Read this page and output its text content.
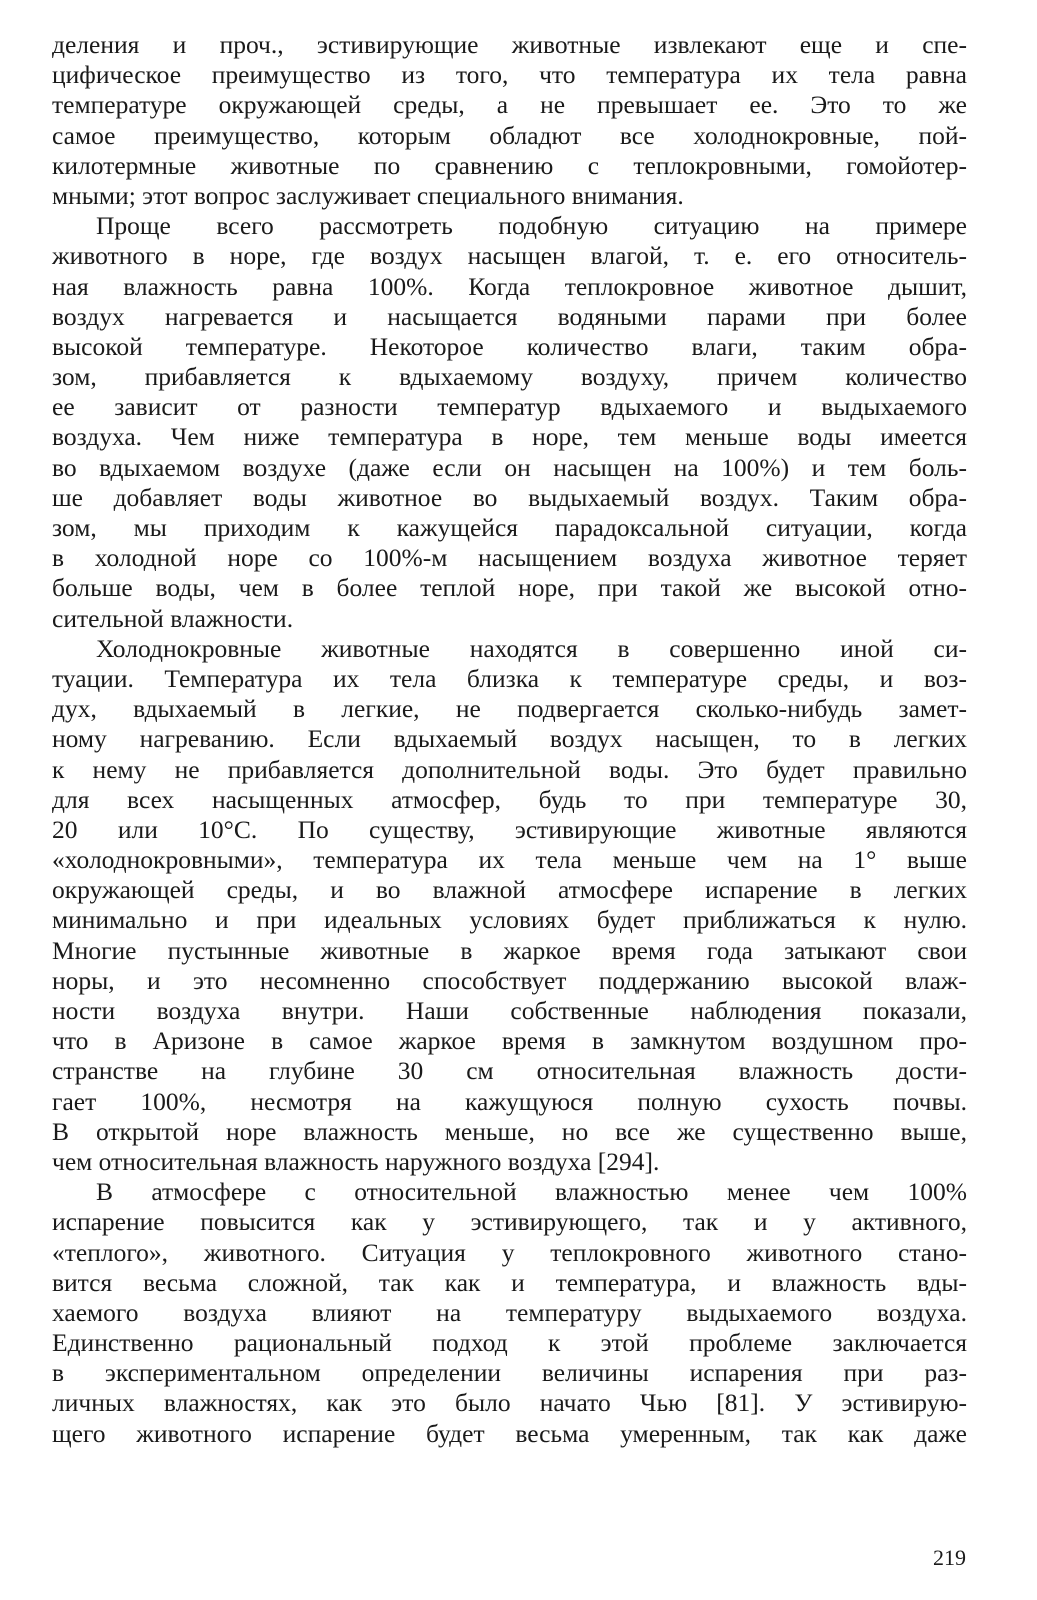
деления и проч., эстивирующие животные извлекают еще и спе-
цифическое преимущество из того, что температура их тела равна
температуре окружающей среды, а не превышает ее. Это то же
самое преимущество, которым обладют все холоднокровные, пой-
килотермные животные по сравнению с теплокровными, гомойотер-
мными; этот вопрос заслуживает специального внимания.
Проще всего рассмотреть подобную ситуацию на примере
животного в норе, где воздух насыщен влагой, т. е. его относитель-
ная влажность равна 100%. Когда теплокровное животное дышит,
воздух нагревается и насыщается водяными парами при более
высокой температуре. Некоторое количество влаги, таким обра-
зом, прибавляется к вдыхаемому воздуху, причем количество
ее зависит от разности температур вдыхаемого и выдыхаемого
воздуха. Чем ниже температура в норе, тем меньше воды имеется
во вдыхаемом воздухе (даже если он насыщен на 100%) и тем боль-
ше добавляет воды животное во выдыхаемый воздух. Таким обра-
зом, мы приходим к кажущейся парадоксальной ситуации, когда
в холодной норе со 100%-м насыщением воздуха животное теряет
больше воды, чем в более теплой норе, при такой же высокой отно-
сительной влажности.
Холоднокровные животные находятся в совершенно иной си-
туации. Температура их тела близка к температуре среды, и воз-
дух, вдыхаемый в легкие, не подвергается сколько-нибудь замет-
ному нагреванию. Если вдыхаемый воздух насыщен, то в легких
к нему не прибавляется дополнительной воды. Это будет правильно
для всех насыщенных атмосфер, будь то при температуре 30,
20 или 10°С. По существу, эстивирующие животные являются
«холоднокровными», температура их тела меньше чем на 1° выше
окружающей среды, и во влажной атмосфере испарение в легких
минимально и при идеальных условиях будет приближаться к нулю.
Многие пустынные животные в жаркое время года затыкают свои
норы, и это несомненно способствует поддержанию высокой влаж-
ности воздуха внутри. Наши собственные наблюдения показали,
что в Аризоне в самое жаркое время в замкнутом воздушном про-
странстве на глубине 30 см относительная влажность дости-
гает 100%, несмотря на кажущуюся полную сухость почвы.
В открытой норе влажность меньше, но все же существенно выше,
чем относительная влажность наружного воздуха [294].
В атмосфере с относительной влажностью менее чем 100%
испарение повысится как у эстивирующего, так и у активного,
«теплого», животного. Ситуация у теплокровного животного стано-
вится весьма сложной, так как и температура, и влажность вды-
хаемого воздуха влияют на температуру выдыхаемого воздуха.
Единственно рациональный подход к этой проблеме заключается
в экспериментальном определении величины испарения при раз-
личных влажностях, как это было начато Чью [81]. У эстивирую-
щего животного испарение будет весьма умеренным, так как даже
219
